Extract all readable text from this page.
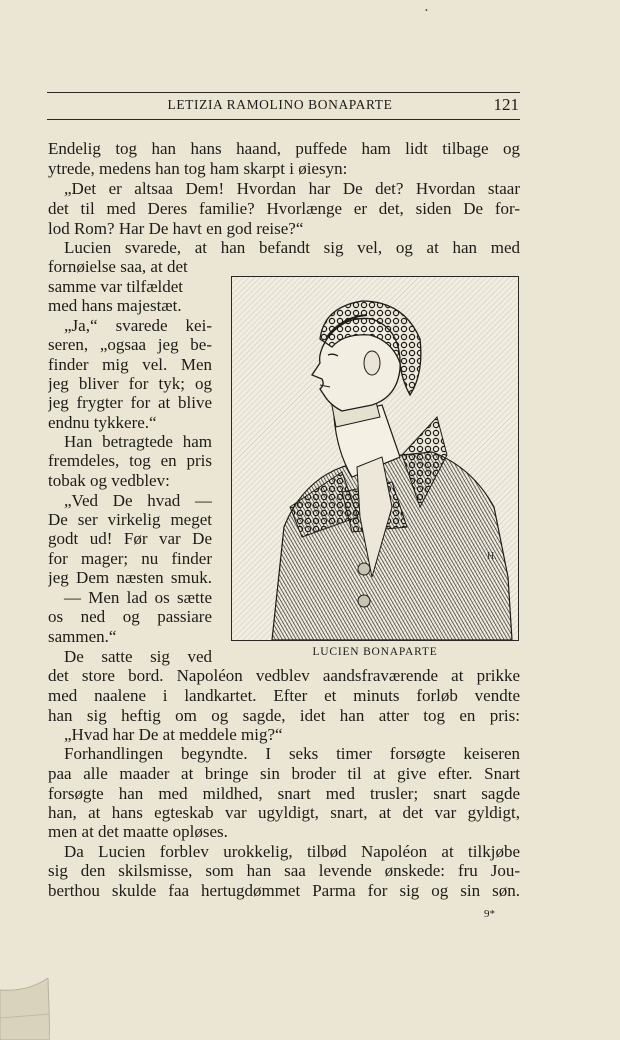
•
LETIZIA RAMOLINO BONAPARTE	121
Endelig tog han hans haand, puffede ham lidt tilbage og
ytrede, medens han tog ham skarpt i øiesyn:
„Det er altsaa Dem! Hvordan har De det? Hvordan staar
det til med Deres familie? Hvorlænge er det, siden De for-
lod Rom? Har De havt en god reise?“
Lucien svarede, at han befandt sig vel, og at han med
fornøielse saa, at det
samme var tilfældet
med hans majestæt.
„Ja,“ svarede kei-
seren, „ogsaa jeg be-
finder mig vel. Men
jeg bliver for tyk; og
jeg frygter for at blive
endnu tykkere.“
Han betragtede ham
fremdeles, tog en pris
tobak og vedblev:
„Ved De hvad —
De ser virkelig meget
godt ud! Før var De
for mager; nu finder
jeg Dem næsten smuk.
— Men lad os sætte
os ned og passiare
sammen.“
De satte sig ved
det store bord. Napoléon vedblev aandsfraværende at prikke
med naalene i landkartet. Efter et minuts forløb vendte
han sig heftig om og sagde, idet han atter tog en pris:
„Hvad har De at meddele mig?“
Forhandlingen begyndte. I seks timer forsøgte keiseren
paa alle maader at bringe sin broder til at give efter. Snart
forsøgte han med mildhed, snart med trusler; snart sagde
han, at hans egteskab var ugyldigt, snart, at det var gyldigt,
men at det maatte opløses.
Da Lucien forblev urokkelig, tilbød Napoléon at tilkjøbe
sig den skilsmisse, som han saa levende ønskede: fru Jou-
berthou skulde faa hertugdømmet Parma for sig og sin søn.
H.
LUCIEN BONAPARTE
9*
